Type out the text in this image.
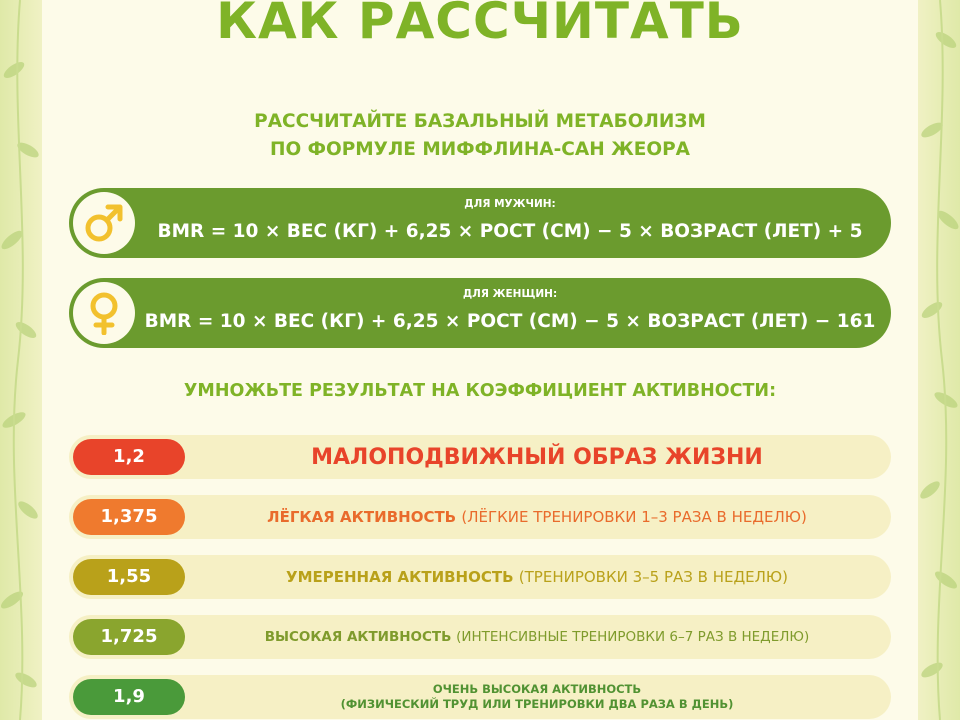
КАК РАССЧИТАТЬ
РАССЧИТАЙТЕ БАЗАЛЬНЫЙ МЕТАБОЛИЗМ
ПО ФОРМУЛЕ МИФФЛИНА-САН ЖЕОРА
ДЛЯ МУЖЧИН:
BMR = 10 × ВЕС (КГ) + 6,25 × РОСТ (СМ) − 5 × ВОЗРАСТ (ЛЕТ) + 5
ДЛЯ ЖЕНЩИН:
BMR = 10 × ВЕС (КГ) + 6,25 × РОСТ (СМ) − 5 × ВОЗРАСТ (ЛЕТ) − 161
УМНОЖЬТЕ РЕЗУЛЬТАТ НА КОЭФФИЦИЕНТ АКТИВНОСТИ:
1,2	МАЛОПОДВИЖНЫЙ ОБРАЗ ЖИЗНИ
1,375	ЛЁГКАЯ АКТИВНОСТЬ
(ЛЁГКИЕ ТРЕНИРОВКИ 1–3 РАЗА В НЕДЕЛЮ)
1,55	УМЕРЕННАЯ АКТИВНОСТЬ
(ТРЕНИРОВКИ 3–5 РАЗ В НЕДЕЛЮ)
1,725	ВЫСОКАЯ АКТИВНОСТЬ
(ИНТЕНСИВНЫЕ ТРЕНИРОВКИ 6–7 РАЗ В НЕДЕЛЮ)
1,9	ОЧЕНЬ ВЫСОКАЯ АКТИВНОСТЬ
(ФИЗИЧЕСКИЙ ТРУД ИЛИ ТРЕНИРОВКИ ДВА РАЗА В ДЕНЬ)
